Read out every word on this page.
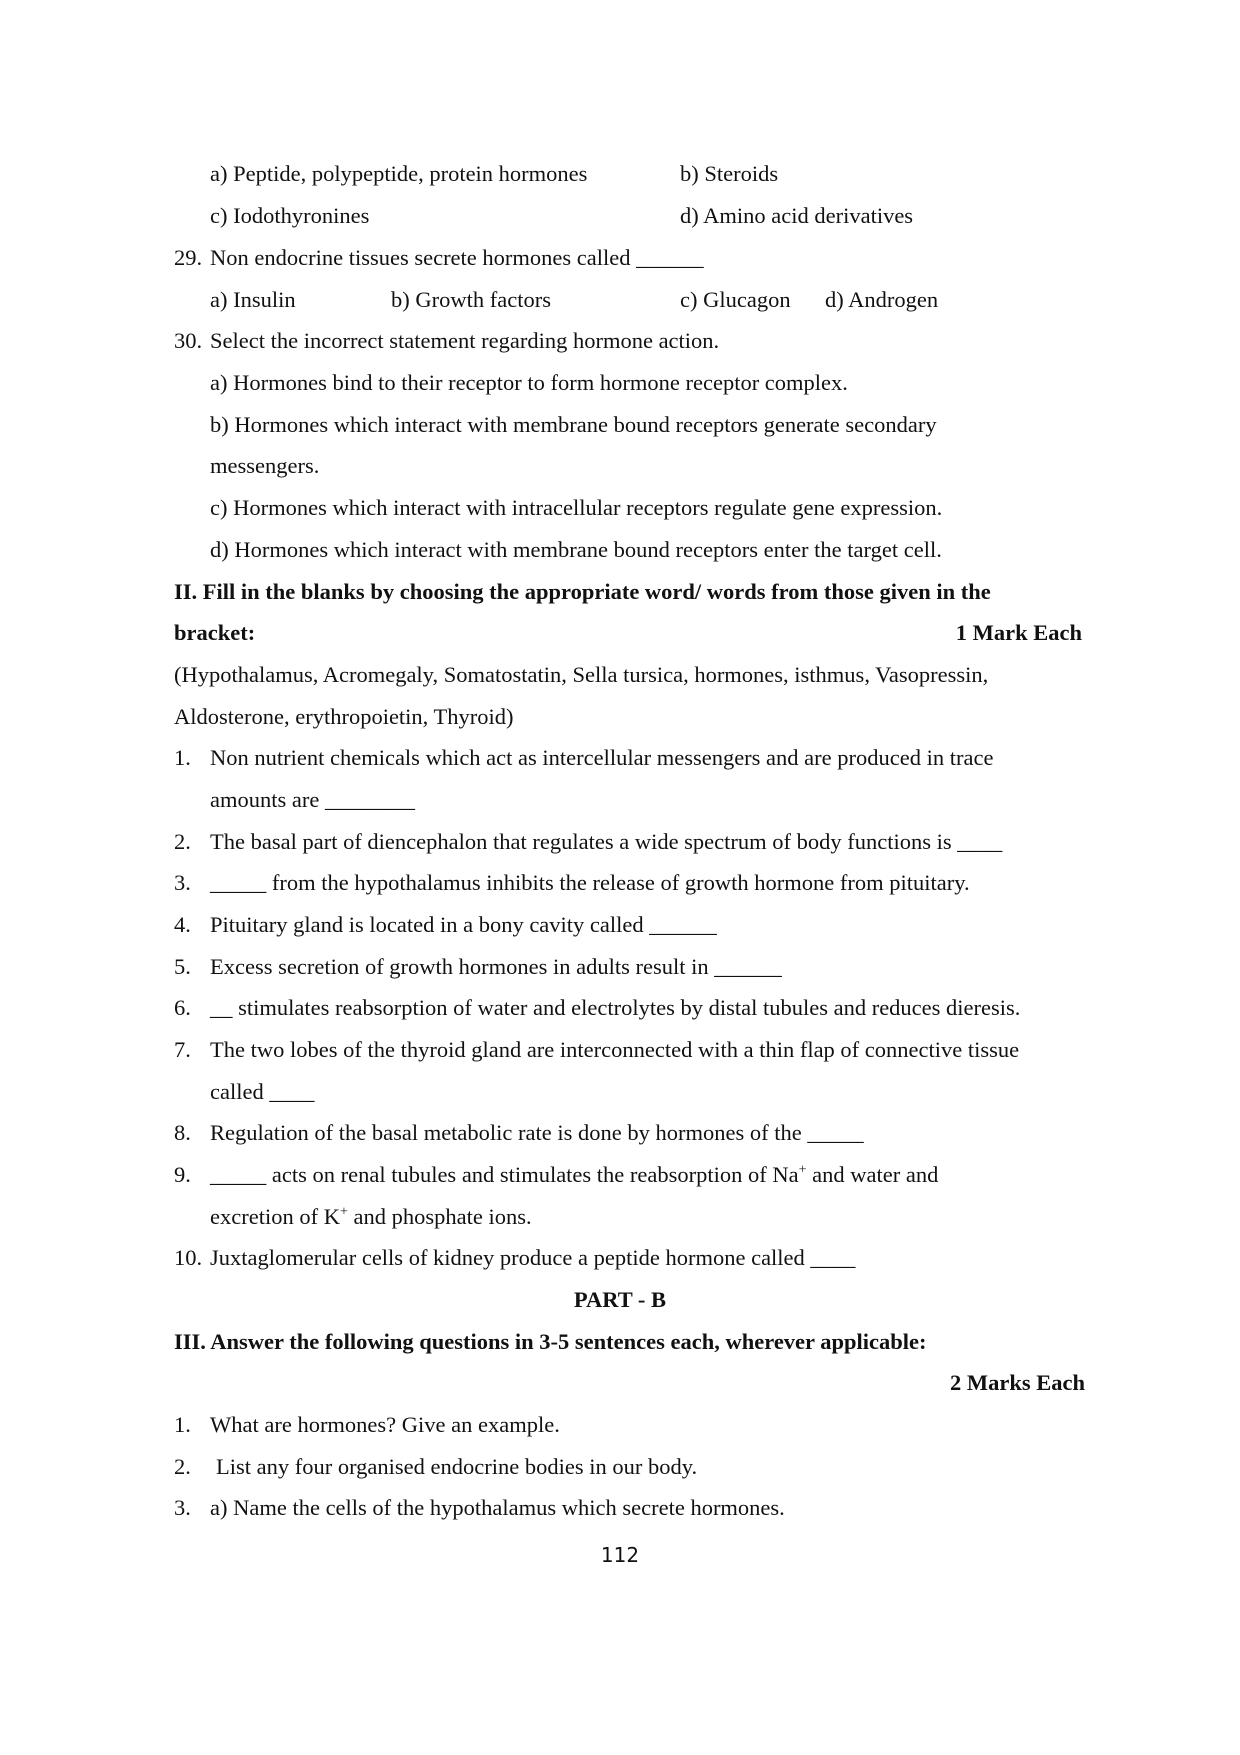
a) Peptide, polypeptide, protein hormones	b) Steroids
c) Iodothyronines	d) Amino acid derivatives
29. Non endocrine tissues secrete hormones called ______
a) Insulin	b) Growth factors	c) Glucagon d) Androgen
30. Select the incorrect statement regarding hormone action.
a) Hormones bind to their receptor to form hormone receptor complex.
b) Hormones which interact with membrane bound receptors generate secondary
messengers.
c) Hormones which interact with intracellular receptors regulate gene expression.
d) Hormones which interact with membrane bound receptors enter the target cell.
II. Fill in the blanks by choosing the appropriate word/ words from those given in the
bracket:	1 Mark Each
(Hypothalamus, Acromegaly, Somatostatin, Sella tursica, hormones, isthmus, Vasopressin,
Aldosterone, erythropoietin, Thyroid)
1. Non nutrient chemicals which act as intercellular messengers and are produced in trace
amounts are ________
2. The basal part of diencephalon that regulates a wide spectrum of body functions is ____
3. _____ from the hypothalamus inhibits the release of growth hormone from pituitary.
4. Pituitary gland is located in a bony cavity called ______
5. Excess secretion of growth hormones in adults result in ______
6. __ stimulates reabsorption of water and electrolytes by distal tubules and reduces dieresis.
7. The two lobes of the thyroid gland are interconnected with a thin flap of connective tissue
called ____
8. Regulation of the basal metabolic rate is done by hormones of the _____
9. _____ acts on renal tubules and stimulates the reabsorption of Na+ and water and
excretion of K+ and phosphate ions.
10. Juxtaglomerular cells of kidney produce a peptide hormone called ____
PART - B
III. Answer the following questions in 3-5 sentences each, wherever applicable:
2 Marks Each
1. What are hormones? Give an example.
2. List any four organised endocrine bodies in our body.
3. a) Name the cells of the hypothalamus which secrete hormones.
112
